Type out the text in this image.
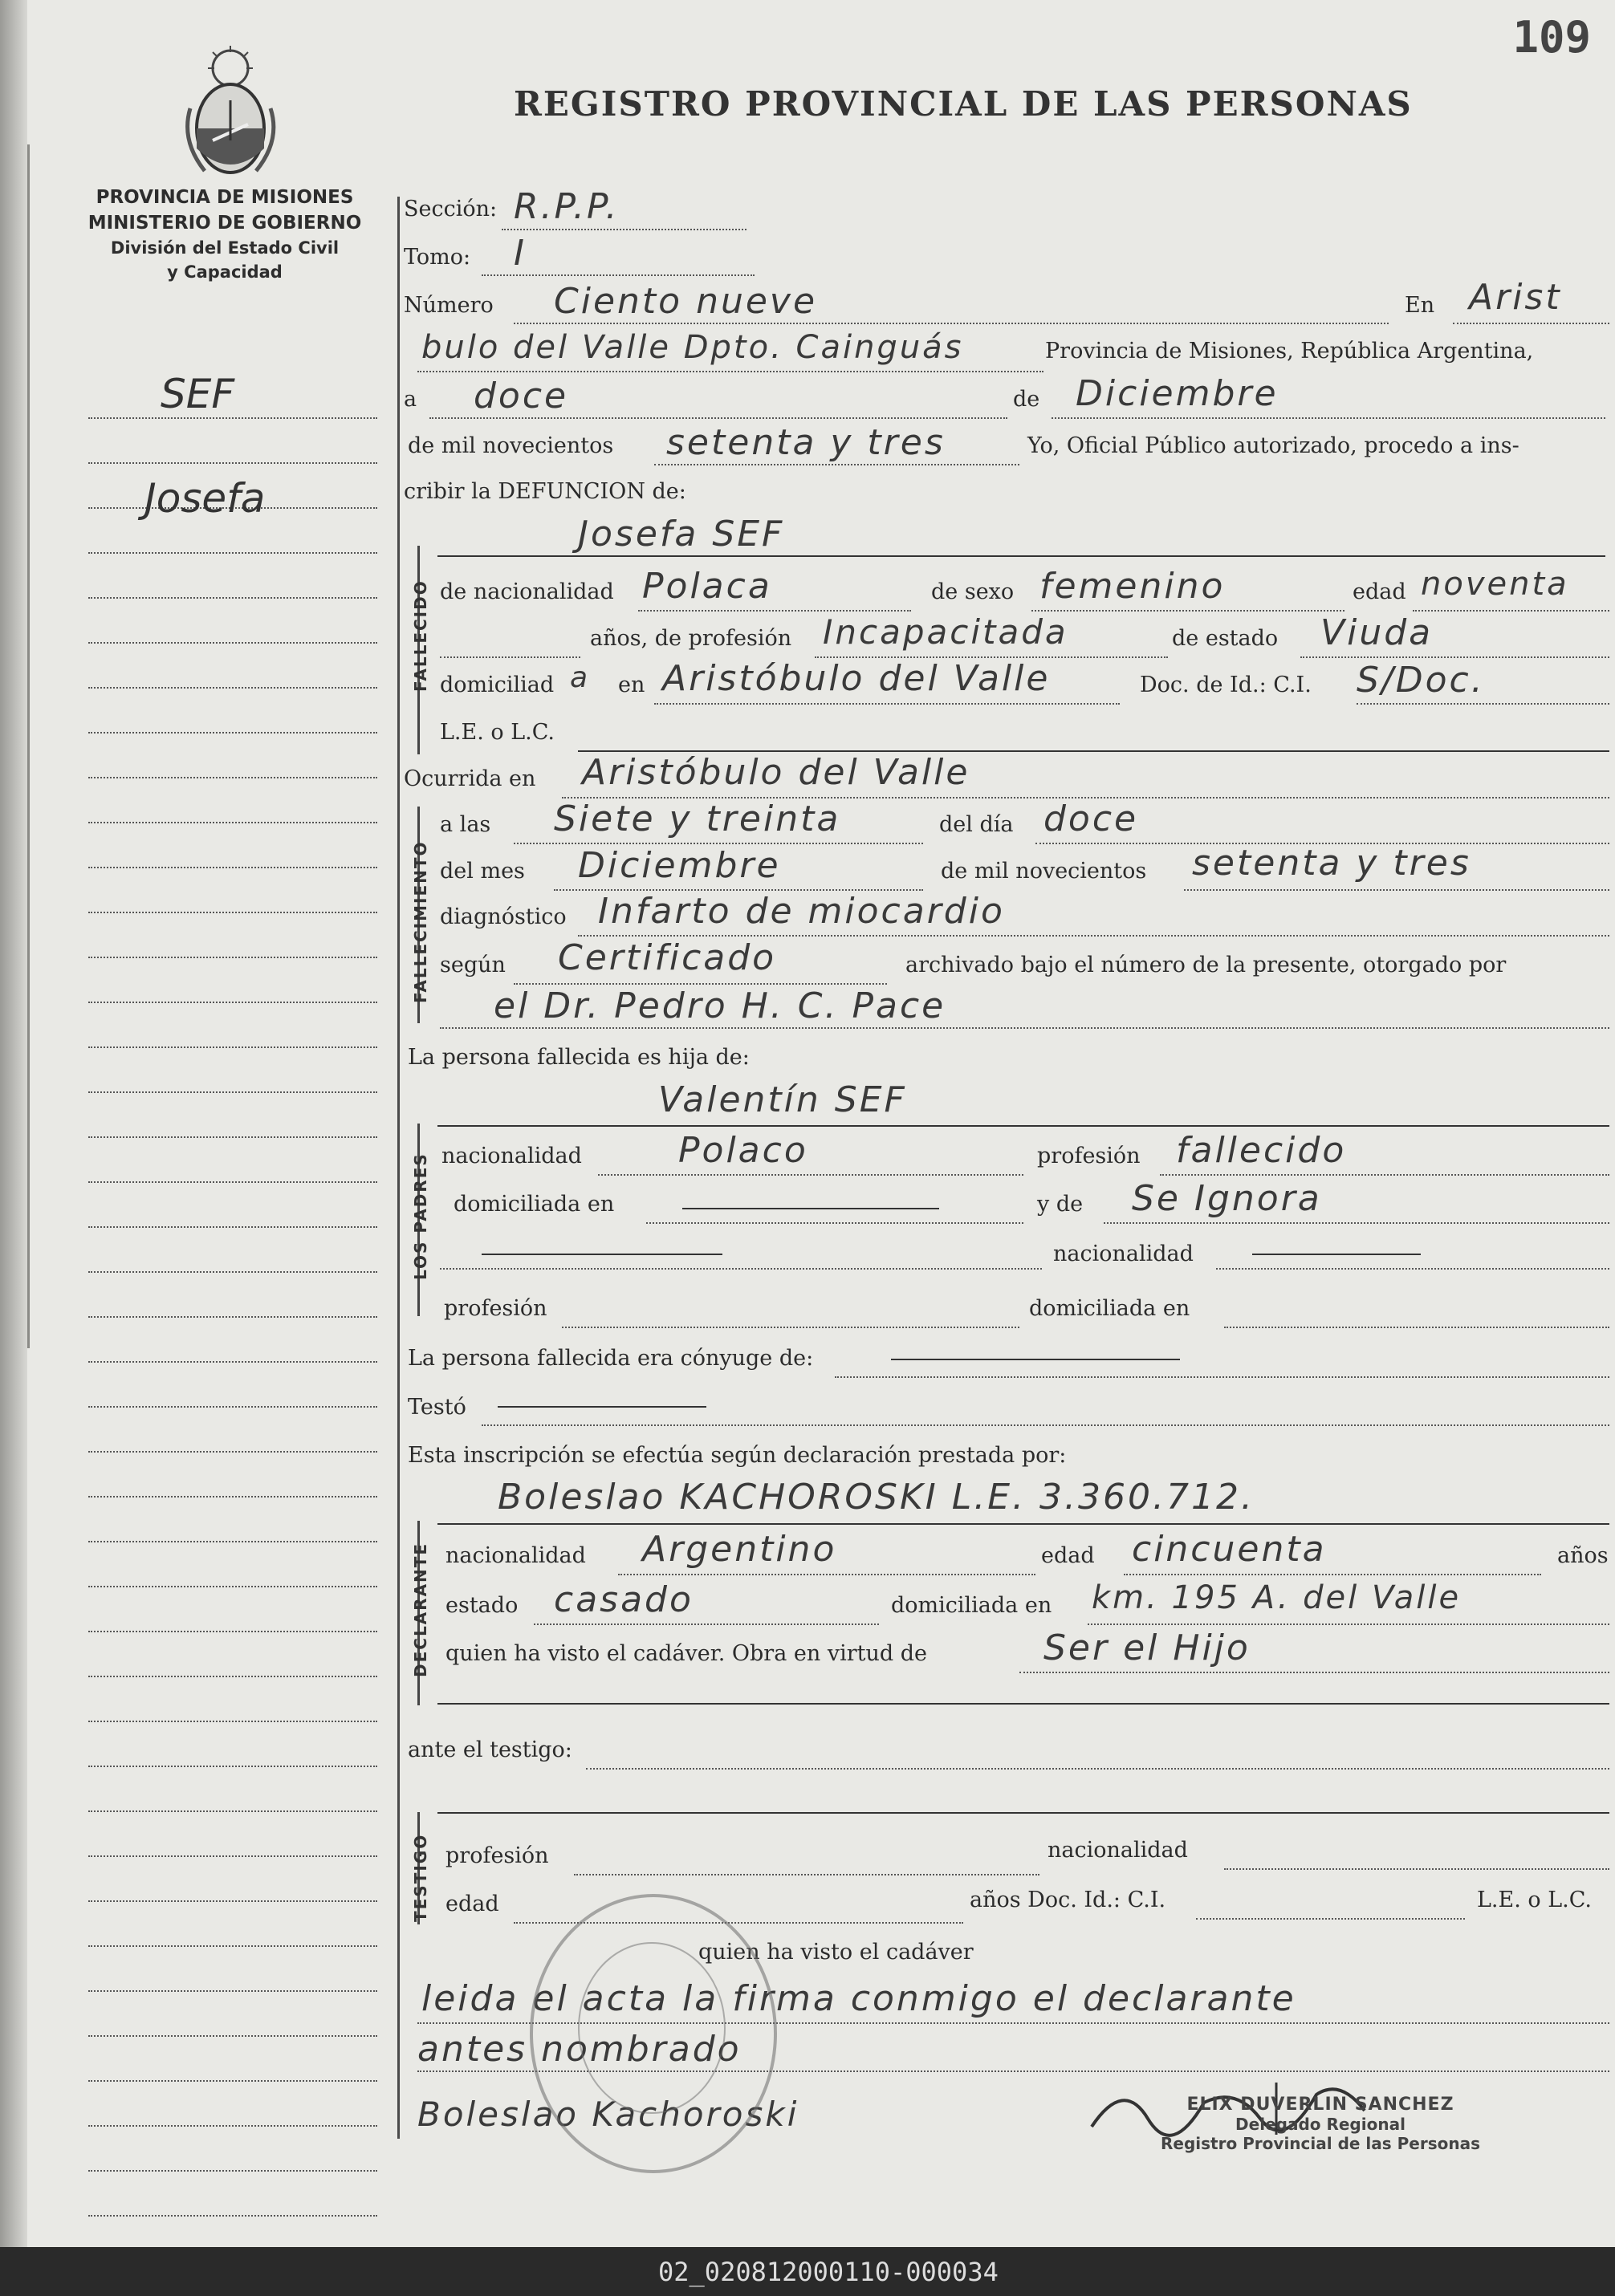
109
REGISTRO PROVINCIAL DE LAS PERSONAS
PROVINCIA DE MISIONES
MINISTERIO DE GOBIERNO
División del Estado Civil
y Capacidad
SEF
Josefa
Sección: R.P.P.
Tomo: I
Número Ciento nueve	En Arist
bulo del Valle Dpto. Cainguás	Provincia de Misiones, República Argentina,
a doce	de Diciembre
de mil novecientos setenta y tres	Yo, Oficial Público autorizado, procedo a ins-
cribir la DEFUNCION de:
FALLECIDO
Josefa SEF
de nacionalidad Polaca	de sexo femenino	edad noventa
años, de profesión Incapacitada	de estado Viuda
domiciliad a en Aristóbulo del Valle	Doc. de Id.: C.I. S/Doc.
L.E. o L.C.
Ocurrida en Aristóbulo del Valle
FALLECIMIENTO
a las Siete y treinta	del día doce
del mes Diciembre	de mil novecientos setenta y tres
diagnóstico Infarto de miocardio
según Certificado	archivado bajo el número de la presente, otorgado por
el Dr. Pedro H. C. Pace
La persona fallecida es hija de:
LOS PADRES
Valentín SEF
nacionalidad	Polaco	profesión fallecido
domiciliada en	y de Se Ignora
nacionalidad
profesión	domiciliada en
La persona fallecida era cónyuge de:
Testó
Esta inscripción se efectúa según declaración prestada por:
Boleslao KACHOROSKI L.E. 3.360.712.
DECLARANTE nacionalidad Argentino	edad cincuenta	años
estado casado	domiciliada en km. 195 A. del Valle
quien ha visto el cadáver. Obra en virtud de	Ser el Hijo
ante el testigo:
TESTIGO profesión	nacionalidad
edad	años Doc. Id.: C.I.	L.E. o L.C.
quien ha visto el cadáver
leida el acta la firma conmigo el declarante
antes nombrado
Boleslao Kachoroski	ELIX DUVERLIN SANCHEZ
Delegado Regional
Registro Provincial de las Personas
02_020812000110-000034
